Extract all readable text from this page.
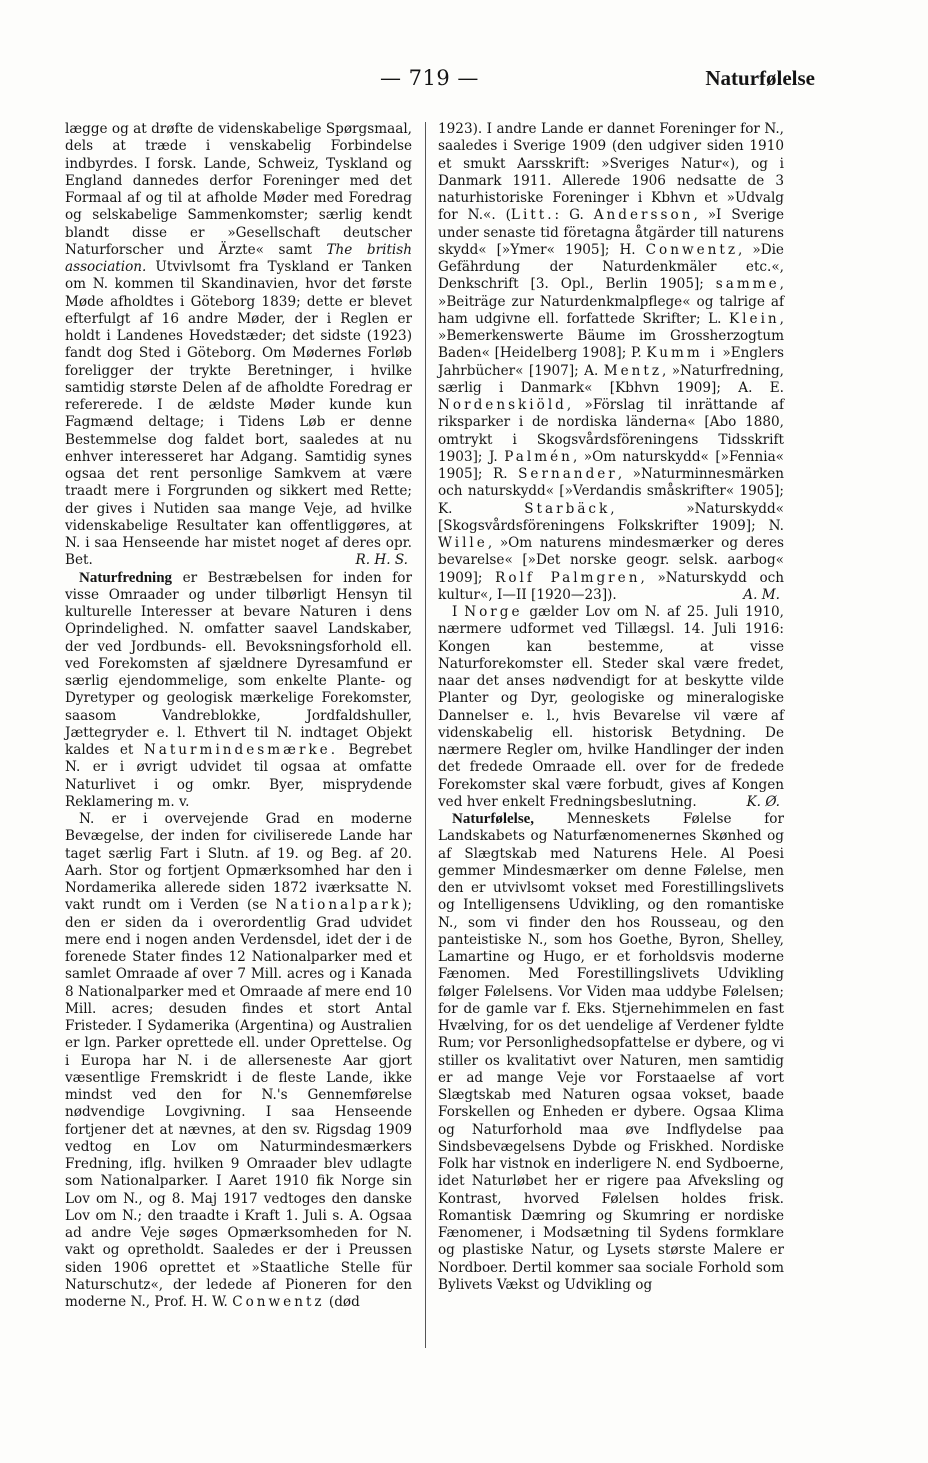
— 719 —	Naturfølelse

lægge og at drøfte de videnskabelige Spørgsmaal, dels at træde i venskabelig Forbindelse indbyrdes. I forsk. Lande, Schweiz, Tyskland og England dannedes derfor Foreninger med det Formaal af og til at afholde Møder med Foredrag og selskabelige Sammenkomster; særlig kendt blandt disse er »Gesellschaft deutscher Naturforscher und Ärzte« samt The british association. Utvivlsomt fra Tyskland er Tanken om N. kommen til Skandinavien, hvor det første Møde afholdtes i Göteborg 1839; dette er blevet efterfulgt af 16 andre Møder, der i Reglen er holdt i Landenes Hovedstæder; det sidste (1923) fandt dog Sted i Göteborg. Om Mødernes Forløb foreligger der trykte Beretninger, i hvilke samtidig største Delen af de afholdte Foredrag er refererede. I de ældste Møder kunde kun Fagmænd deltage; i Tidens Løb er denne Bestemmelse dog faldet bort, saaledes at nu enhver interesseret har Adgang. Samtidig synes ogsaa det rent personlige Samkvem at være traadt mere i Forgrunden og sikkert med Rette; der gives i Nutiden saa mange Veje, ad hvilke videnskabelige Resultater kan offentliggøres, at N. i saa Henseende har mistet noget af deres opr. Bet.	R. H. S.

Naturfredning er Bestræbelsen for inden for visse Omraader og under tilbørligt Hensyn til kulturelle Interesser at bevare Naturen i dens Oprindelighed. N. omfatter saavel Landskaber, der ved Jordbunds- ell. Bevoksningsforhold ell. ved Forekomsten af sjældnere Dyresamfund er særlig ejendommelige, som enkelte Plante- og Dyretyper og geologisk mærkelige Forekomster, saasom Vandreblokke, Jordfaldshuller, Jættegryder e. l. Ethvert til N. indtaget Objekt kaldes et Naturmindesmærke. Begrebet N. er i øvrigt udvidet til ogsaa at omfatte Naturlivet i og omkr. Byer, misprydende Reklamering m. v.

N. er i overvejende Grad en moderne Bevægelse, der inden for civiliserede Lande har taget særlig Fart i Slutn. af 19. og Beg. af 20. Aarh. Stor og fortjent Opmærksomhed har den i Nordamerika allerede siden 1872 iværksatte N. vakt rundt om i Verden (se Nationalpark); den er siden da i overordentlig Grad udvidet mere end i nogen anden Verdensdel, idet der i de forenede Stater findes 12 Nationalparker med et samlet Omraade af over 7 Mill. acres og i Kanada 8 Nationalparker med et Omraade af mere end 10 Mill. acres; desuden findes et stort Antal Fristeder. I Sydamerika (Argentina) og Australien er lgn. Parker oprettede ell. under Oprettelse. Og i Europa har N. i de allerseneste Aar gjort væsentlige Fremskridt i de fleste Lande, ikke mindst ved den for N.'s Gennemførelse nødvendige Lovgivning. I saa Henseende fortjener det at nævnes, at den sv. Rigsdag 1909 vedtog en Lov om Naturmindesmærkers Fredning, iflg. hvilken 9 Omraader blev udlagte som Nationalparker. I Aaret 1910 fik Norge sin Lov om N., og 8. Maj 1917 vedtoges den danske Lov om N.; den traadte i Kraft 1. Juli s. A. Ogsaa ad andre Veje søges Opmærksomheden for N. vakt og opretholdt. Saaledes er der i Preussen siden 1906 oprettet et »Staatliche Stelle für Naturschutz«, der ledede af Pioneren for den moderne N., Prof. H. W. Conwentz (død

1923). I andre Lande er dannet Foreninger for N., saaledes i Sverige 1909 (den udgiver siden 1910 et smukt Aarsskrift: »Sveriges Natur«), og i Danmark 1911. Allerede 1906 nedsatte de 3 naturhistoriske Foreninger i Kbhvn et »Udvalg for N.«. (Litt.: G. Andersson, »I Sverige under senaste tid företagna åtgärder till naturens skydd« [»Ymer« 1905]; H. Conwentz, »Die Gefährdung der Naturdenkmäler etc.«, Denkschrift [3. Opl., Berlin 1905]; samme, »Beiträge zur Naturdenkmalpflege« og talrige af ham udgivne ell. forfattede Skrifter; L. Klein, »Bemerkenswerte Bäume im Grossherzogtum Baden« [Heidelberg 1908]; P. Kumm i »Englers Jahrbücher« [1907]; A. Mentz, »Naturfredning, særlig i Danmark« [Kbhvn 1909]; A. E. Nordenskiöld, »Förslag til inrättande af riksparker i de nordiska länderna« [Abo 1880, omtrykt i Skogsvårdsföreningens Tidsskrift 1903]; J. Palmén, »Om naturskydd« [»Fennia« 1905]; R. Sernander, »Naturminnesmärken och naturskydd« [»Verdandis småskrifter« 1905]; K. Starbäck, »Naturskydd« [Skogsvårdsföreningens Folkskrifter 1909]; N. Wille, »Om naturens mindesmærker og deres bevarelse« [»Det norske geogr. selsk. aarbog« 1909]; Rolf Palmgren, »Naturskydd och kultur«, I—II [1920—23]).	A. M.

I Norge gælder Lov om N. af 25. Juli 1910, nærmere udformet ved Tillægsl. 14. Juli 1916: Kongen kan bestemme, at visse Naturforekomster ell. Steder skal være fredet, naar det anses nødvendigt for at beskytte vilde Planter og Dyr, geologiske og mineralogiske Dannelser e. l., hvis Bevarelse vil være af videnskabelig ell. historisk Betydning. De nærmere Regler om, hvilke Handlinger der inden det fredede Omraade ell. over for de fredede Forekomster skal være forbudt, gives af Kongen ved hver enkelt Fredningsbeslutning.	K. Ø.

Naturfølelse, Menneskets Følelse for Landskabets og Naturfænomenernes Skønhed og af Slægtskab med Naturens Hele. Al Poesi gemmer Mindesmærker om denne Følelse, men den er utvivlsomt vokset med Forestillingslivets og Intelligensens Udvikling, og den romantiske N., som vi finder den hos Rousseau, og den panteistiske N., som hos Goethe, Byron, Shelley, Lamartine og Hugo, er et forholdsvis moderne Fænomen. Med Forestillingslivets Udvikling følger Følelsens. Vor Viden maa uddybe Følelsen; for de gamle var f. Eks. Stjernehimmelen en fast Hvælving, for os det uendelige af Verdener fyldte Rum; vor Personlighedsopfattelse er dybere, og vi stiller os kvalitativt over Naturen, men samtidig er ad mange Veje vor Forstaaelse af vort Slægtskab med Naturen ogsaa vokset, baade Forskellen og Enheden er dybere. Ogsaa Klima og Naturforhold maa øve Indflydelse paa Sindsbevægelsens Dybde og Friskhed. Nordiske Folk har vistnok en inderligere N. end Sydboerne, idet Naturløbet her er rigere paa Afveksling og Kontrast, hvorved Følelsen holdes frisk. Romantisk Dæmring og Skumring er nordiske Fænomener, i Modsætning til Sydens formklare og plastiske Natur, og Lysets største Malere er Nordboer. Dertil kommer saa sociale Forhold som Bylivets Vækst og Udvikling og
